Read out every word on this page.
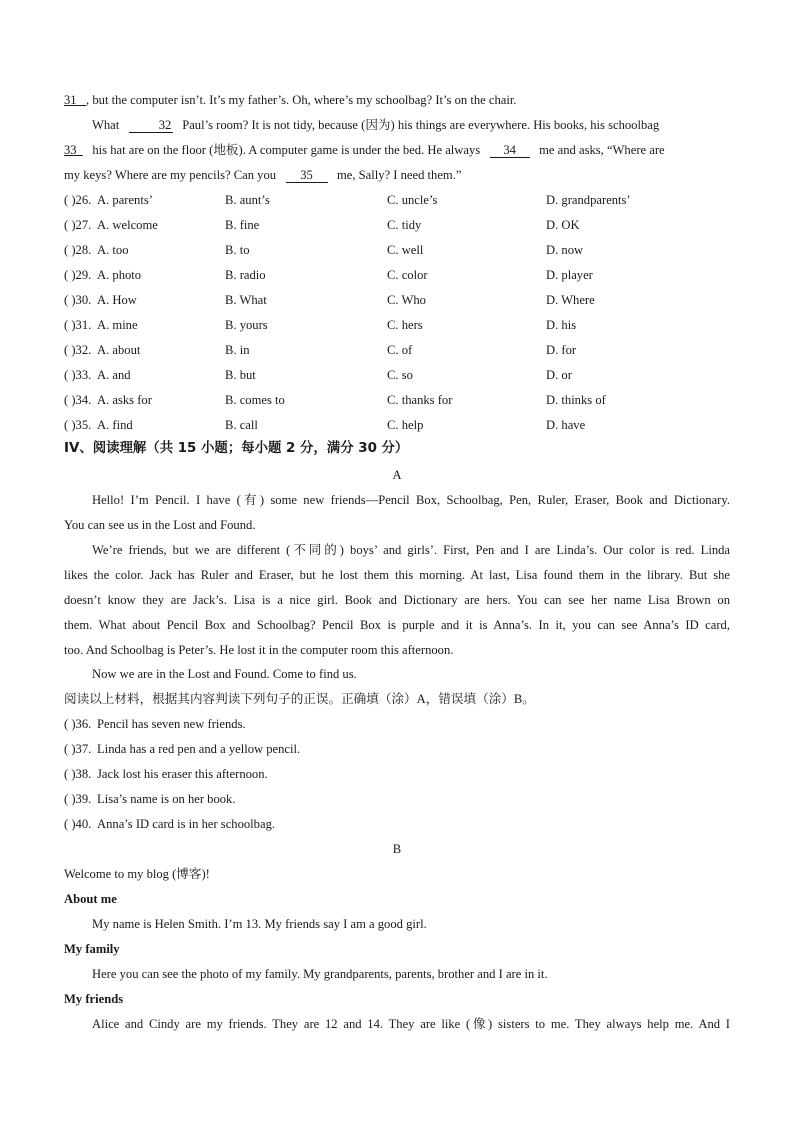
31 , but the computer isn’t. It’s my father’s. Oh, where’s my schoolbag? It’s on the chair.
What	32 Paul’s room? It is not tidy, because (因为) his things are everywhere. His books, his schoolbag
33 his hat are on the floor (地板). A computer game is under the bed. He always 34 me and asks, “Where are
my keys? Where are my pencils? Can you 35 me, Sally? I need them.”
( )26. A. parents’	B. aunt’s	C. uncle’s	D. grandparents’
( )27. A. welcome	B. fine	C. tidy	D. OK
( )28. A. too	B. to	C. well	D. now
( )29. A. photo	B. radio	C. color	D. player
( )30. A. How	B. What	C. Who	D. Where
( )31. A. mine	B. yours	C. hers	D. his
( )32. A. about	B. in	C. of	D. for
( )33. A. and	B. but	C. so	D. or
( )34. A. asks for	B. comes to	C. thanks for	D. thinks of
( )35. A. find	B. call	C. help	D. have
IV、阅读理解（共 15 小题；每小题 2 分，满分 30 分）
A
Hello! I’m Pencil. I have (有) some new friends—Pencil Box, Schoolbag, Pen, Ruler, Eraser, Book and Dictionary.
You can see us in the Lost and Found.
We’re friends, but we are different (不同的) boys’ and girls’. First, Pen and I are Linda’s. Our color is red. Linda
likes the color. Jack has Ruler and Eraser, but he lost them this morning. At last, Lisa found them in the library. But she
doesn’t know they are Jack’s. Lisa is a nice girl. Book and Dictionary are hers. You can see her name Lisa Brown on
them. What about Pencil Box and Schoolbag? Pencil Box is purple and it is Anna’s. In it, you can see Anna’s ID card,
too. And Schoolbag is Peter’s. He lost it in the computer room this afternoon.
Now we are in the Lost and Found. Come to find us.
阅读以上材料，根据其内容判读下列句子的正误。正确填（涂）A，错误填（涂）B。
( )36. Pencil has seven new friends.
( )37. Linda has a red pen and a yellow pencil.
( )38. Jack lost his eraser this afternoon.
( )39. Lisa’s name is on her book.
( )40. Anna’s ID card is in her schoolbag.
B
Welcome to my blog (博客)!
About me
My name is Helen Smith. I’m 13. My friends say I am a good girl.
My family
Here you can see the photo of my family. My grandparents, parents, brother and I are in it.
My friends
Alice and Cindy are my friends. They are 12 and 14. They are like (像) sisters to me. They always help me. And I
